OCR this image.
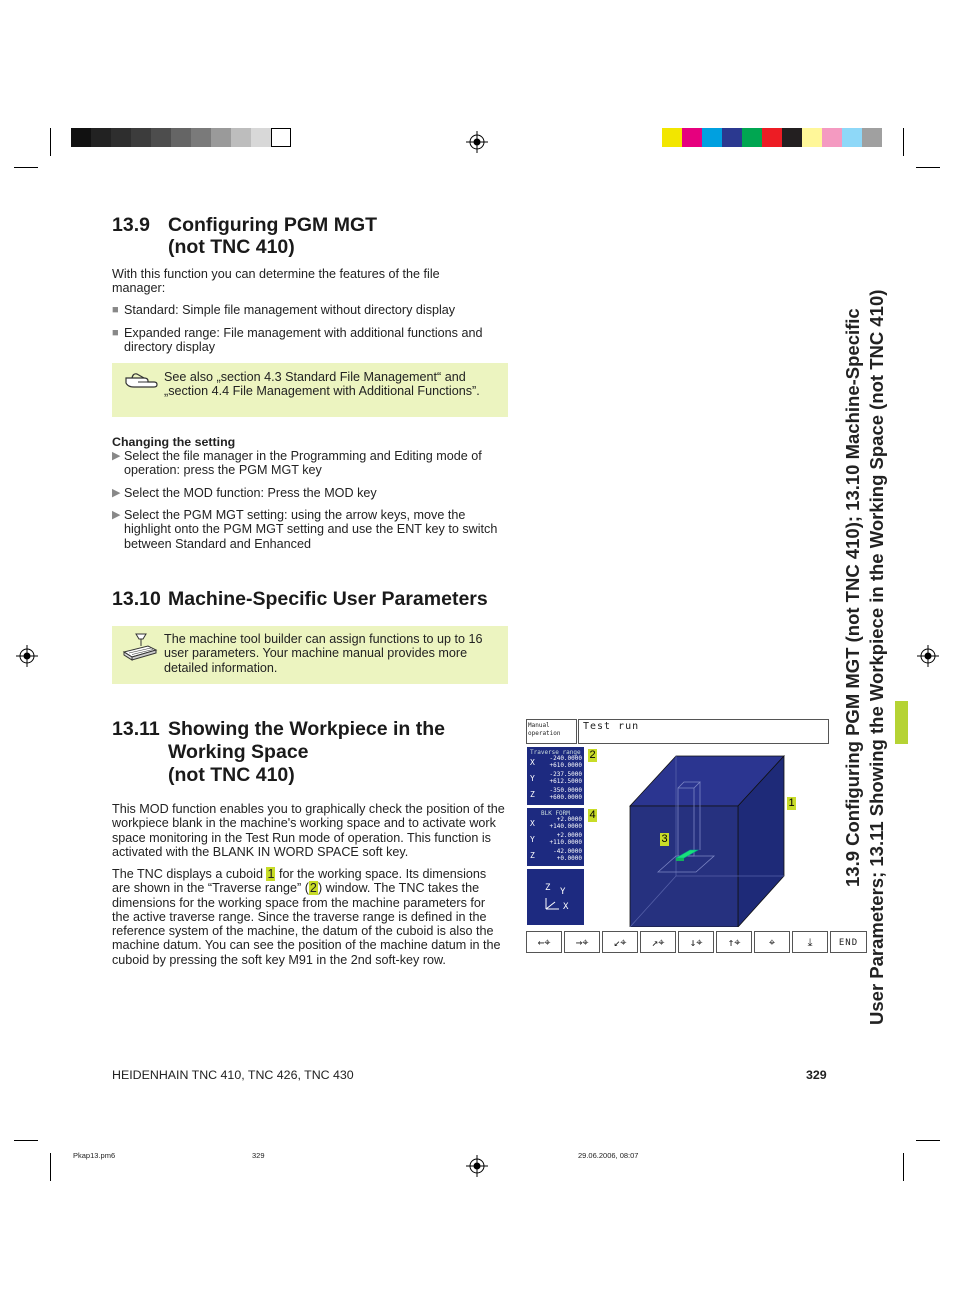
13.9 Configuring PGM MGT
(not TNC 410)
With this function you can determine the features of the file manager:
■ Standard: Simple file management without directory display
■ Expanded range: File management with additional functions and directory display
See also „section 4.3 Standard File Management“ and „section 4.4 File Management with Additional Functions”.
Changing the setting
▶ Select the file manager in the Programming and Editing mode of operation: press the PGM MGT key
▶ Select the MOD function: Press the MOD key
▶ Select the PGM MGT setting: using the arrow keys, move the highlight onto the PGM MGT setting and use the ENT key to switch between Standard and Enhanced
13.10 Machine-Specific User Parameters
The machine tool builder can assign functions to up to 16 user parameters. Your machine manual provides more detailed information.
13.11 Showing the Workpiece in the
Working Space
(not TNC 410)
This MOD function enables you to graphically check the position of the workpiece blank in the machine's working space and to activate work space monitoring in the Test Run mode of operation. This function is activated with the BLANK IN WORD SPACE soft key.
The TNC displays a cuboid 1 for the working space. Its dimensions are shown in the “Traverse range” (2) window. The TNC takes the dimensions for the working space from the machine parameters for the active traverse range. Since the traverse range is defined in the reference system of the machine, the datum of the cuboid is also the machine datum. You can see the position of the machine datum in the cuboid by pressing the soft key M91 in the 2nd soft-key row.
Manual
operation
Test run
Traverse range
X -240.0000
+610.0000
Y -237.5000
+612.5000
Z -350.0000
+600.0000
BLK FORM
X	+2.0000
+140.0000
Y	+2.0000
+110.0000
Z	-42.0000
+0.0000
Z Y
X
2
4
1
3
←⌖	→⌖	↙⌖	↗⌖	↓⌖	↑⌖	⌖	⤓	END
13.9 Configuring PGM MGT (not TNC 410); 13.10 Machine-Specific User Parameters; 13.11 Showing the Workpiece in the Working Space (not TNC 410)
HEIDENHAIN TNC 410, TNC 426, TNC 430	329
Pkap13.pm6	329	29.06.2006, 08:07
